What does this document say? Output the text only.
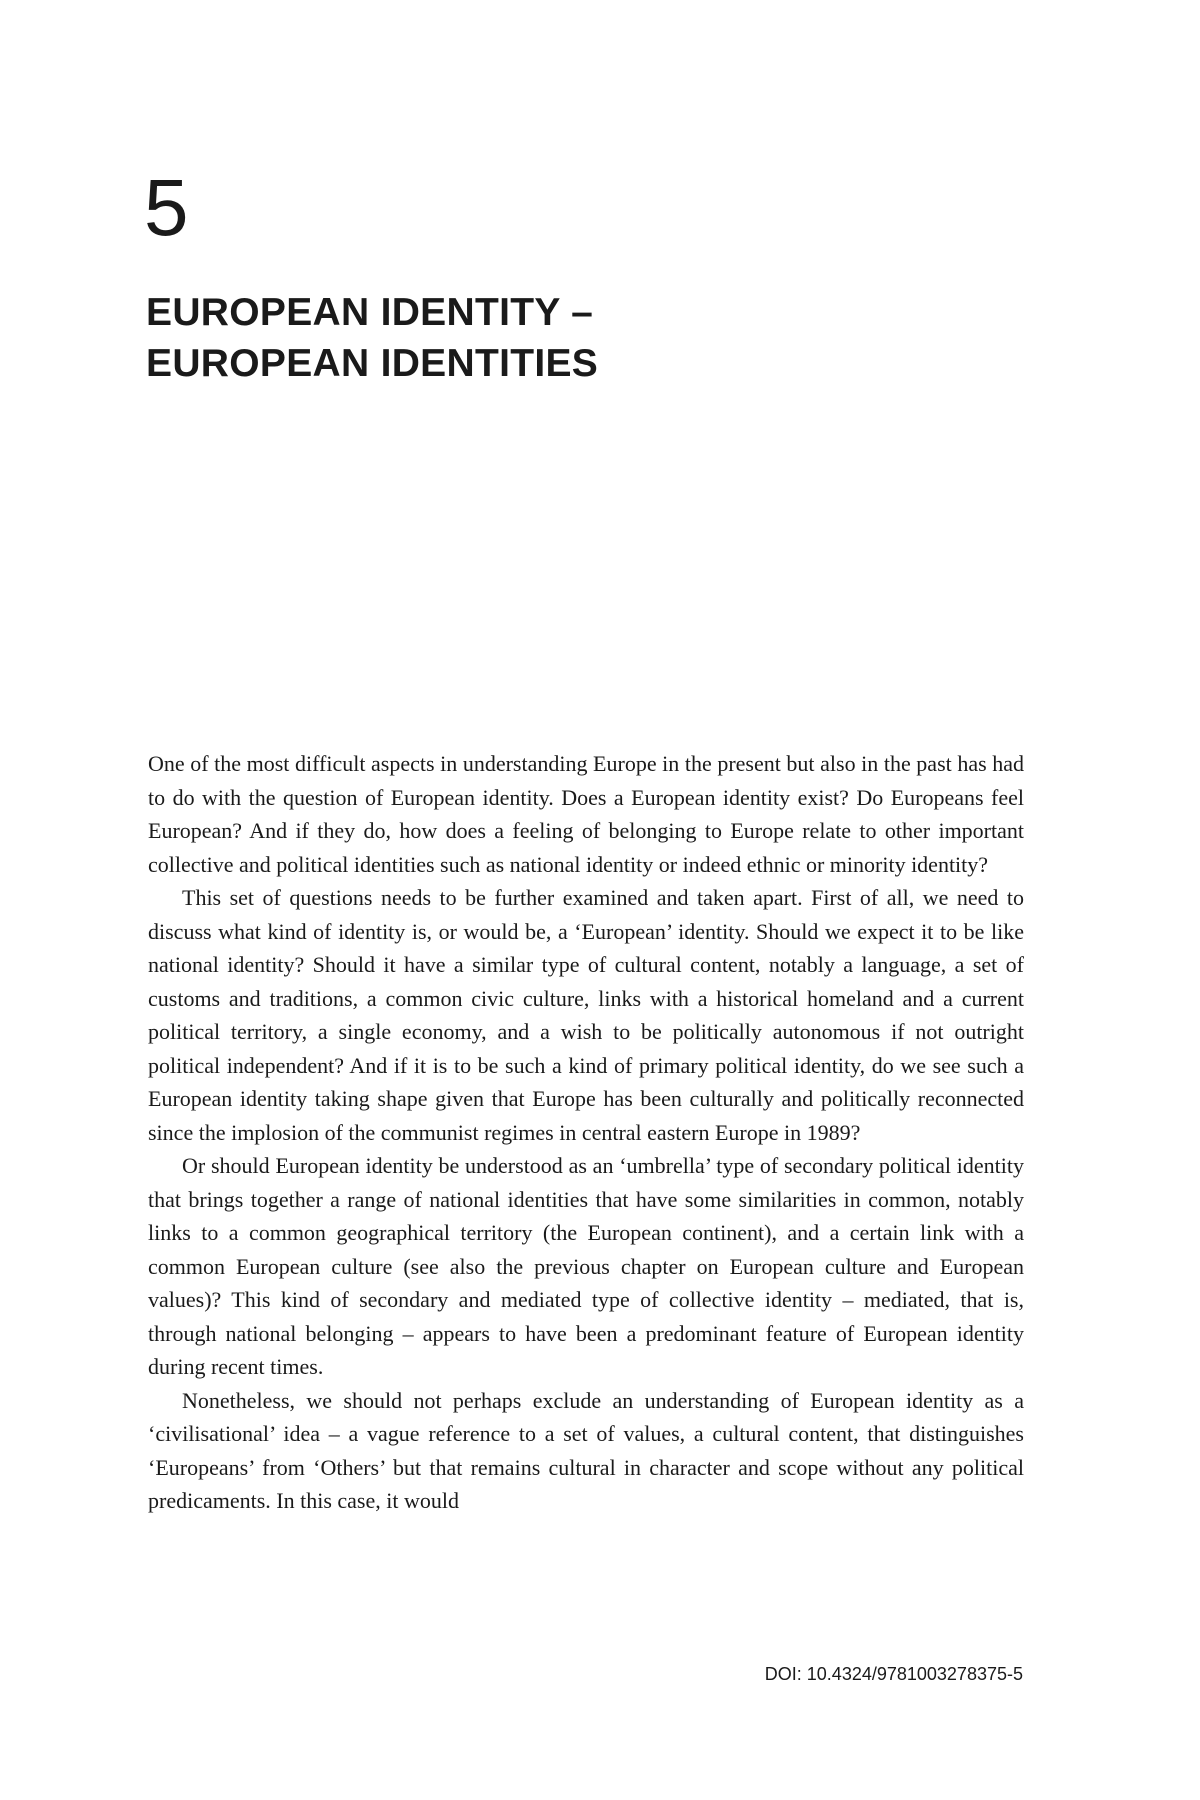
5
EUROPEAN IDENTITY –
EUROPEAN IDENTITIES

One of the most difficult aspects in understanding Europe in the present but also in the past has had to do with the question of European identity. Does a European identity exist? Do Europeans feel European? And if they do, how does a feeling of belonging to Europe relate to other important collective and political identities such as national identity or indeed ethnic or minority identity?

This set of questions needs to be further examined and taken apart. First of all, we need to discuss what kind of identity is, or would be, a ‘European’ identity. Should we expect it to be like national identity? Should it have a similar type of cultural content, notably a language, a set of customs and traditions, a common civic culture, links with a historical homeland and a current political territory, a single economy, and a wish to be politically autonomous if not outright political independent? And if it is to be such a kind of primary political identity, do we see such a European identity taking shape given that Europe has been culturally and politically reconnected since the implosion of the communist regimes in central eastern Europe in 1989?

Or should European identity be understood as an ‘umbrella’ type of secondary political identity that brings together a range of national identities that have some similarities in common, notably links to a common geographical territory (the European continent), and a certain link with a common European culture (see also the previous chapter on European culture and European values)? This kind of secondary and mediated type of collective identity – mediated, that is, through national belonging – appears to have been a predominant feature of European identity during recent times.

Nonetheless, we should not perhaps exclude an understanding of European identity as a ‘civilisational’ idea – a vague reference to a set of values, a cultural content, that distinguishes ‘Europeans’ from ‘Others’ but that remains cultural in character and scope without any political predicaments. In this case, it would

DOI: 10.4324/9781003278375-5
